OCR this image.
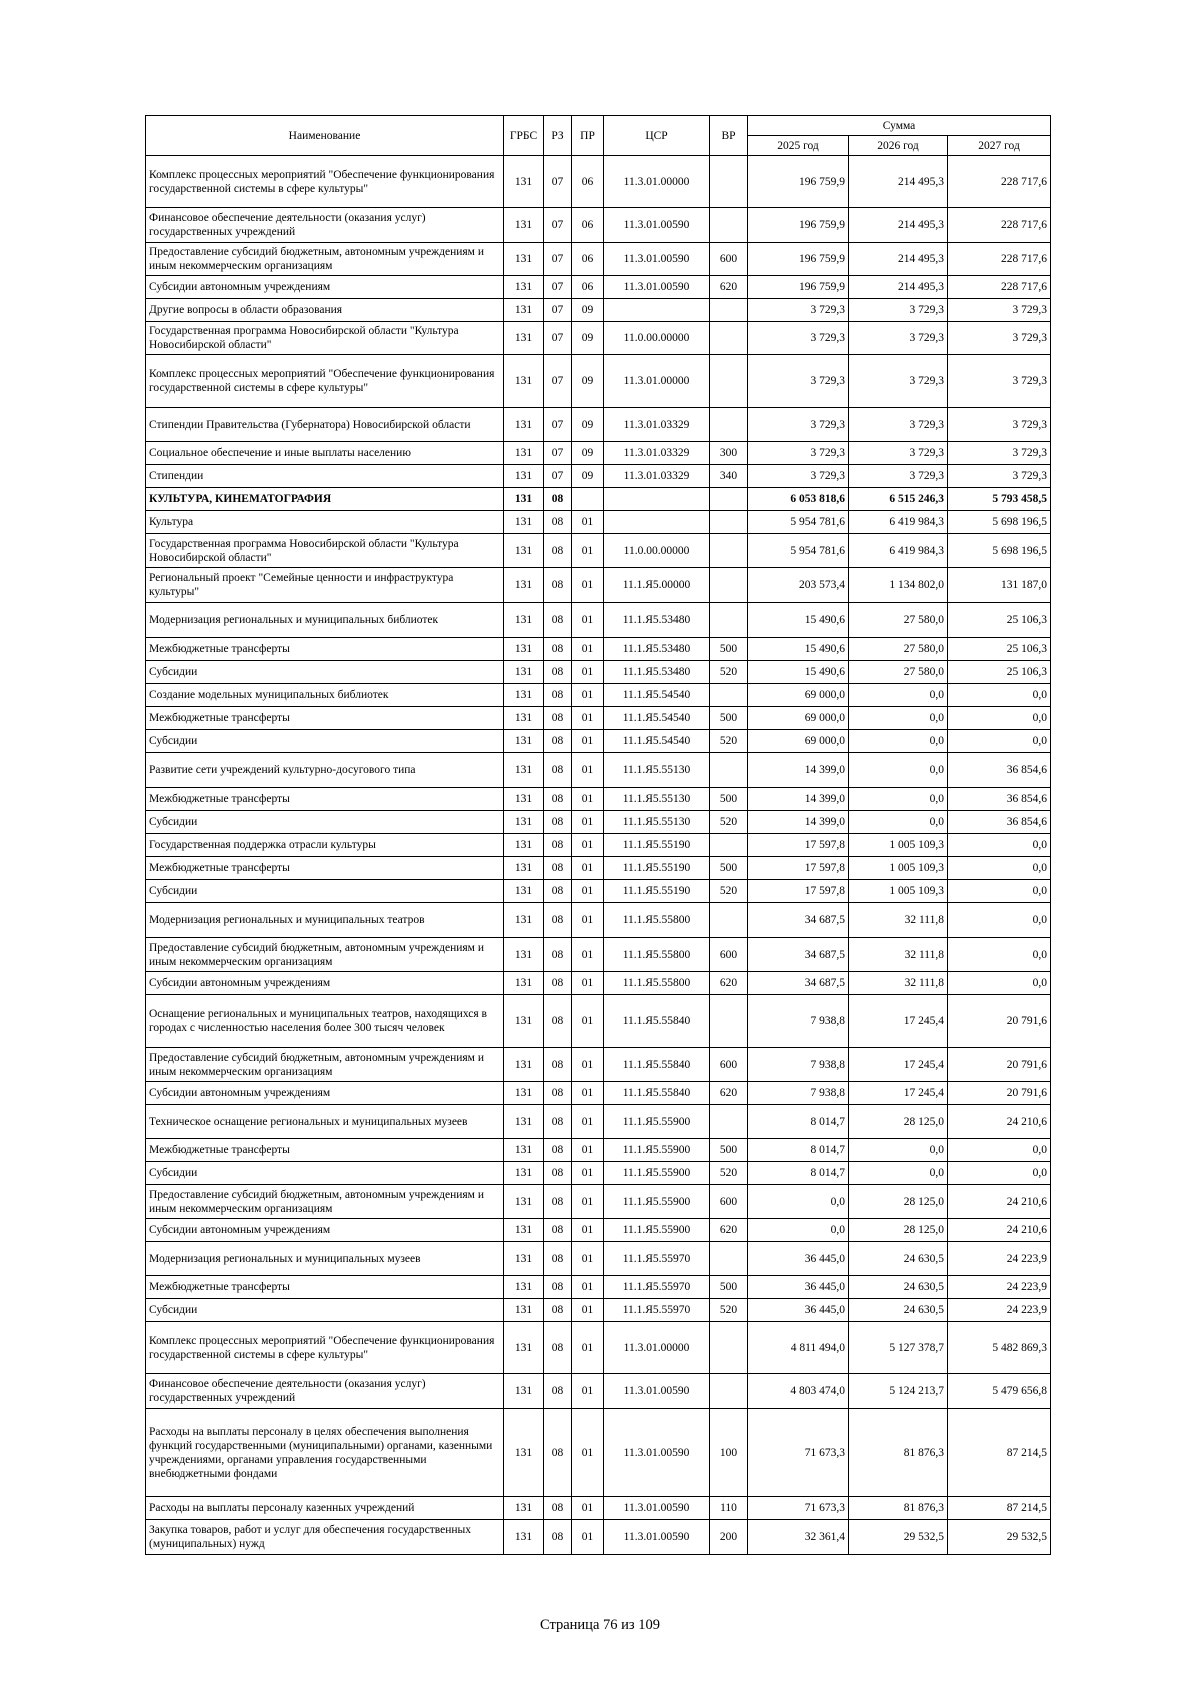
Наименование	ГРБС	РЗ	ПР	ЦСР	ВР	Сумма		
						2025 год	2026 год	2027 год
Комплекс процессных мероприятий "Обеспечение функционирования государственной системы в сфере культуры"	131	07	06	11.3.01.00000		196 759,9	214 495,3	228 717,6
Финансовое обеспечение деятельности (оказания услуг) государственных учреждений	131	07	06	11.3.01.00590		196 759,9	214 495,3	228 717,6
Предоставление субсидий бюджетным, автономным учреждениям и иным некоммерческим организациям	131	07	06	11.3.01.00590	600	196 759,9	214 495,3	228 717,6
Субсидии автономным учреждениям	131	07	06	11.3.01.00590	620	196 759,9	214 495,3	228 717,6
Другие вопросы в области образования	131	07	09			3 729,3	3 729,3	3 729,3
Государственная программа Новосибирской области "Культура Новосибирской области"	131	07	09	11.0.00.00000		3 729,3	3 729,3	3 729,3
Комплекс процессных мероприятий "Обеспечение функционирования государственной системы в сфере культуры"	131	07	09	11.3.01.00000		3 729,3	3 729,3	3 729,3
Стипендии Правительства (Губернатора) Новосибирской области	131	07	09	11.3.01.03329		3 729,3	3 729,3	3 729,3
Социальное обеспечение и иные выплаты населению	131	07	09	11.3.01.03329	300	3 729,3	3 729,3	3 729,3
Стипендии	131	07	09	11.3.01.03329	340	3 729,3	3 729,3	3 729,3
КУЛЬТУРА, КИНЕМАТОГРАФИЯ	131	08				6 053 818,6	6 515 246,3	5 793 458,5
Культура	131	08	01			5 954 781,6	6 419 984,3	5 698 196,5
Государственная программа Новосибирской области "Культура Новосибирской области"	131	08	01	11.0.00.00000		5 954 781,6	6 419 984,3	5 698 196,5
Региональный проект "Семейные ценности и инфраструктура культуры"	131	08	01	11.1.Я5.00000		203 573,4	1 134 802,0	131 187,0
Модернизация региональных и муниципальных библиотек	131	08	01	11.1.Я5.53480		15 490,6	27 580,0	25 106,3
Межбюджетные трансферты	131	08	01	11.1.Я5.53480	500	15 490,6	27 580,0	25 106,3
Субсидии	131	08	01	11.1.Я5.53480	520	15 490,6	27 580,0	25 106,3
Создание модельных муниципальных библиотек	131	08	01	11.1.Я5.54540		69 000,0	0,0	0,0
Межбюджетные трансферты	131	08	01	11.1.Я5.54540	500	69 000,0	0,0	0,0
Субсидии	131	08	01	11.1.Я5.54540	520	69 000,0	0,0	0,0
Развитие сети учреждений культурно-досугового типа	131	08	01	11.1.Я5.55130		14 399,0	0,0	36 854,6
Межбюджетные трансферты	131	08	01	11.1.Я5.55130	500	14 399,0	0,0	36 854,6
Субсидии	131	08	01	11.1.Я5.55130	520	14 399,0	0,0	36 854,6
Государственная поддержка отрасли культуры	131	08	01	11.1.Я5.55190		17 597,8	1 005 109,3	0,0
Межбюджетные трансферты	131	08	01	11.1.Я5.55190	500	17 597,8	1 005 109,3	0,0
Субсидии	131	08	01	11.1.Я5.55190	520	17 597,8	1 005 109,3	0,0
Модернизация региональных и муниципальных театров	131	08	01	11.1.Я5.55800		34 687,5	32 111,8	0,0
Предоставление субсидий бюджетным, автономным учреждениям и иным некоммерческим организациям	131	08	01	11.1.Я5.55800	600	34 687,5	32 111,8	0,0
Субсидии автономным учреждениям	131	08	01	11.1.Я5.55800	620	34 687,5	32 111,8	0,0
Оснащение региональных и муниципальных театров, находящихся в городах с численностью населения более 300 тысяч человек	131	08	01	11.1.Я5.55840		7 938,8	17 245,4	20 791,6
Предоставление субсидий бюджетным, автономным учреждениям и иным некоммерческим организациям	131	08	01	11.1.Я5.55840	600	7 938,8	17 245,4	20 791,6
Субсидии автономным учреждениям	131	08	01	11.1.Я5.55840	620	7 938,8	17 245,4	20 791,6
Техническое оснащение региональных и муниципальных музеев	131	08	01	11.1.Я5.55900		8 014,7	28 125,0	24 210,6
Межбюджетные трансферты	131	08	01	11.1.Я5.55900	500	8 014,7	0,0	0,0
Субсидии	131	08	01	11.1.Я5.55900	520	8 014,7	0,0	0,0
Предоставление субсидий бюджетным, автономным учреждениям и иным некоммерческим организациям	131	08	01	11.1.Я5.55900	600	0,0	28 125,0	24 210,6
Субсидии автономным учреждениям	131	08	01	11.1.Я5.55900	620	0,0	28 125,0	24 210,6
Модернизация региональных и муниципальных музеев	131	08	01	11.1.Я5.55970		36 445,0	24 630,5	24 223,9
Межбюджетные трансферты	131	08	01	11.1.Я5.55970	500	36 445,0	24 630,5	24 223,9
Субсидии	131	08	01	11.1.Я5.55970	520	36 445,0	24 630,5	24 223,9
Комплекс процессных мероприятий "Обеспечение функционирования государственной системы в сфере культуры"	131	08	01	11.3.01.00000		4 811 494,0	5 127 378,7	5 482 869,3
Финансовое обеспечение деятельности (оказания услуг) государственных учреждений	131	08	01	11.3.01.00590		4 803 474,0	5 124 213,7	5 479 656,8
Расходы на выплаты персоналу в целях обеспечения выполнения функций государственными (муниципальными) органами, казенными учреждениями, органами управления государственными внебюджетными фондами	131	08	01	11.3.01.00590	100	71 673,3	81 876,3	87 214,5
Расходы на выплаты персоналу казенных учреждений	131	08	01	11.3.01.00590	110	71 673,3	81 876,3	87 214,5
Закупка товаров, работ и услуг для обеспечения государственных (муниципальных) нужд	131	08	01	11.3.01.00590	200	32 361,4	29 532,5	29 532,5
Страница 76 из 109
